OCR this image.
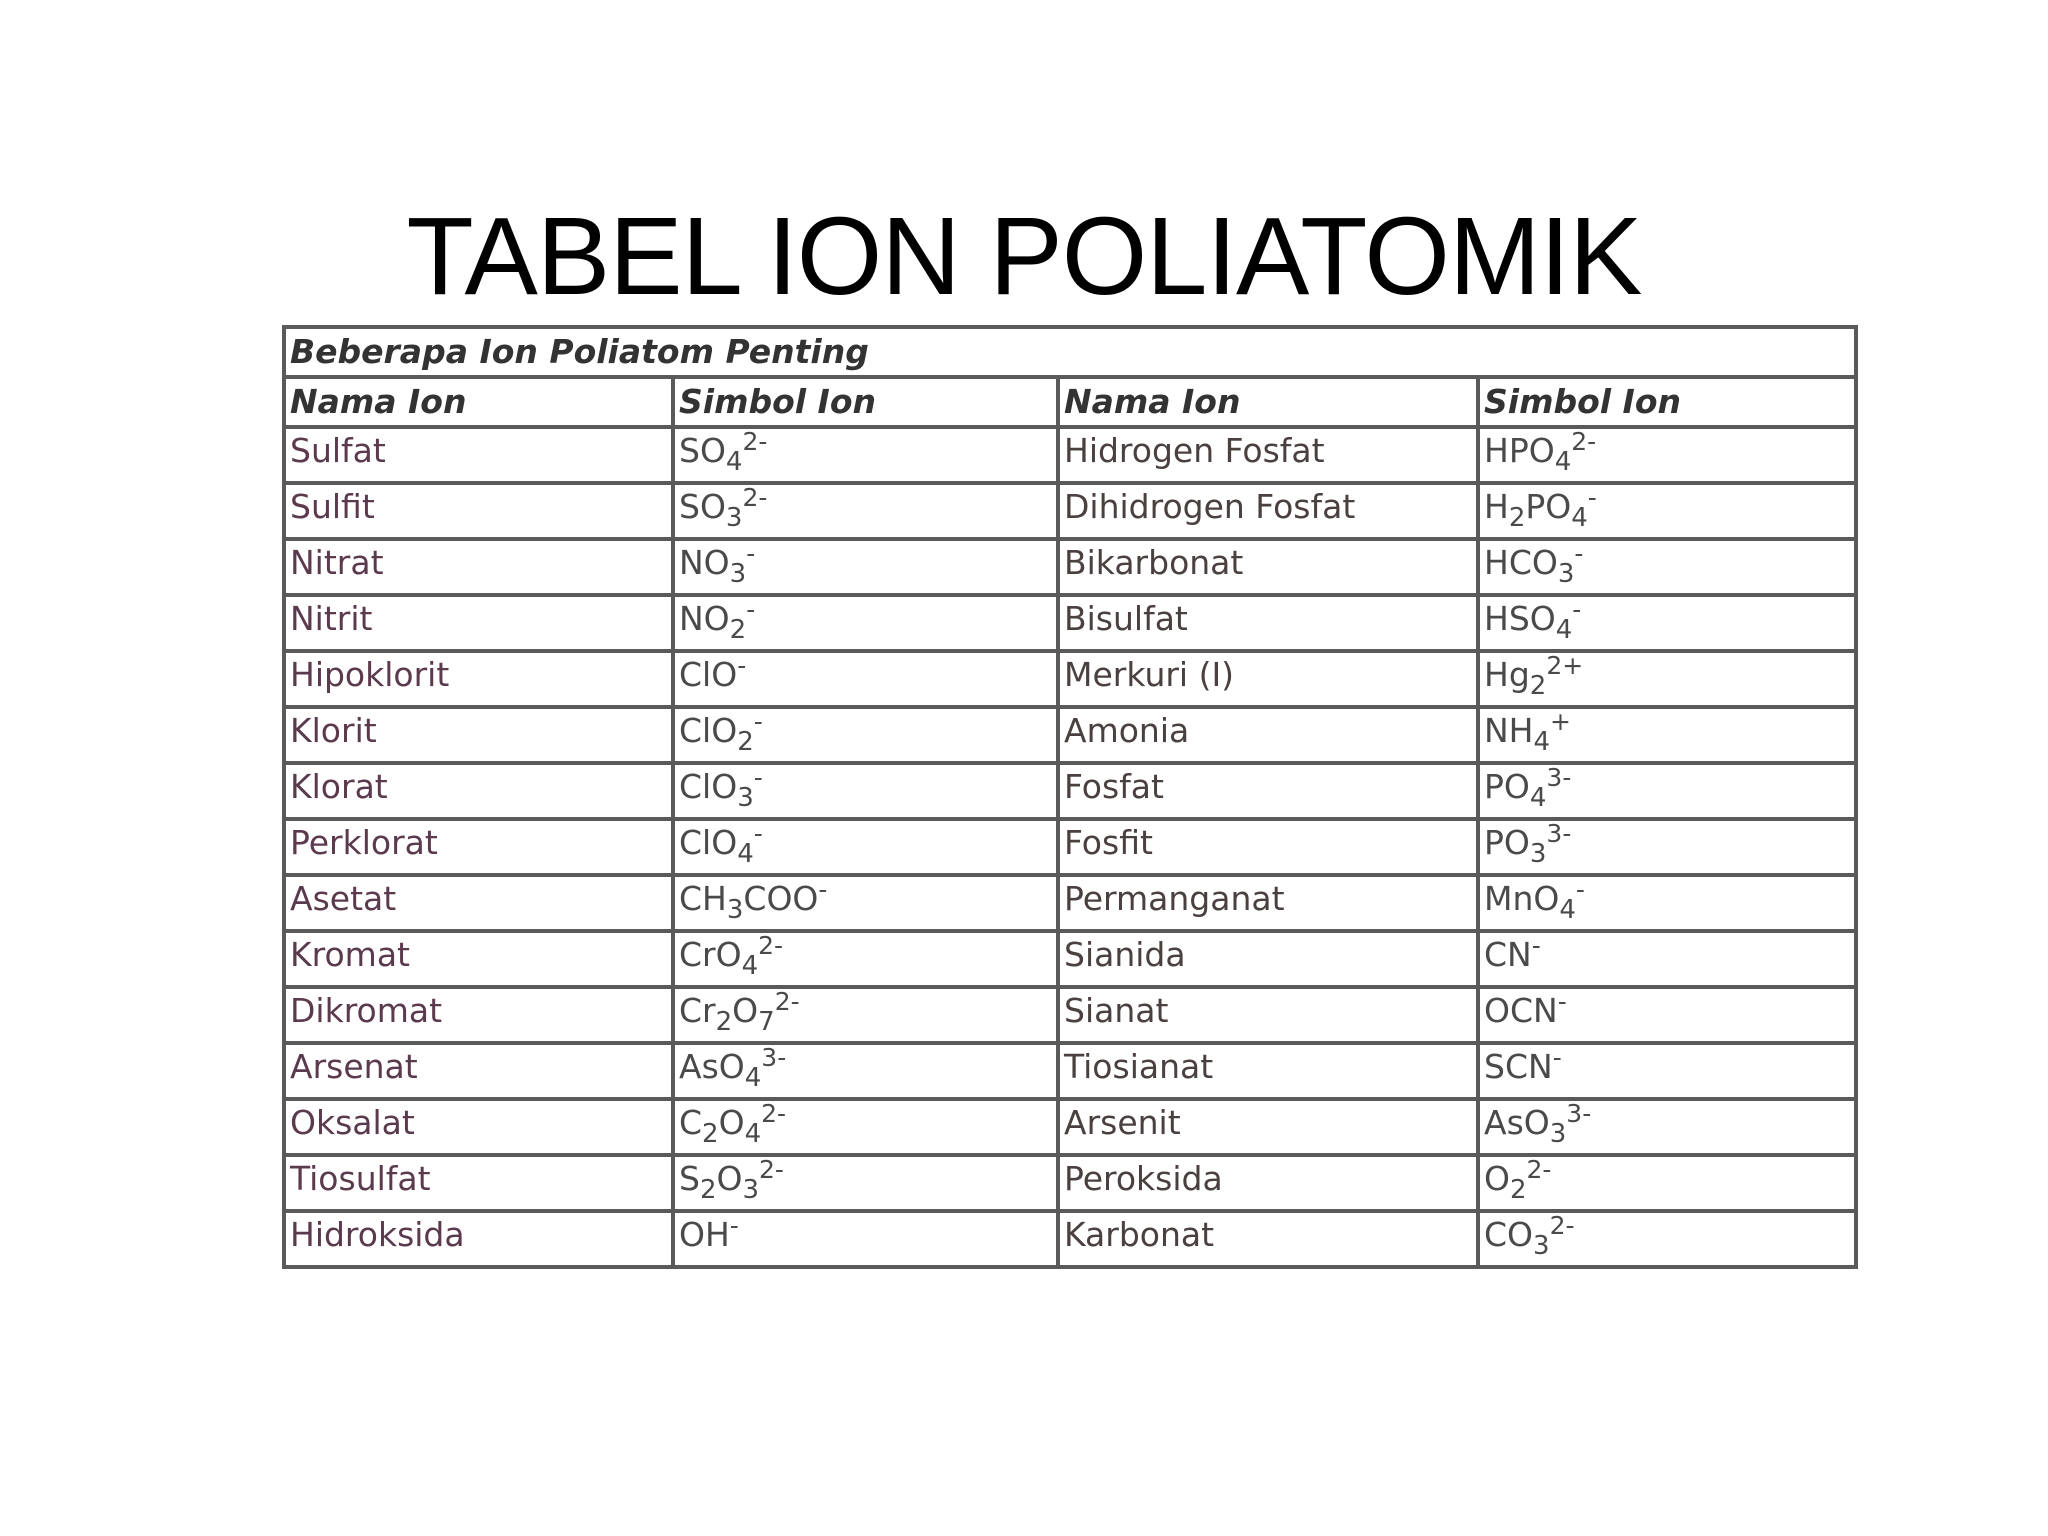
TABEL ION POLIATOMIK
Beberapa Ion Poliatom Penting			
Nama Ion	Simbol Ion	Nama Ion	Simbol Ion
Sulfat	$SO_4^{2-}$	Hidrogen Fosfat	$HPO_4^{2-}$
Sulfit	$SO_3^{2-}$	Dihidrogen Fosfat	$H_2PO_4^-$
Nitrat	$NO_3^-$	Bikarbonat	$HCO_3^-$
Nitrit	$NO_2^-$	Bisulfat	$HSO_4^-$
Hipoklorit	ClO-	Merkuri (I)	$Hg_2^{2+}$
Klorit	ClO$_2$-	Amonia	$NH_4^+$
Klorat	ClO$_3$-	Fosfat	$PO_4^{3-}$
Perklorat	ClO$_4$-	Fosfit	$PO_3^{3-}$
Asetat	$CH_3COO^-$	Permanganat	MnO$_4$-
Kromat	CrO$_4^{2-}$	Sianida	CN-
Dikromat	$Cr_2O_7^{2-}$	Sianat	OCN-
Arsenat	AsO$_4^{3-}$	Tiosianat	SCN-
Oksalat	$C_2O_4^{2-}$	Arsenit	AsO$_3^{3-}$
Tiosulfat	$S_2O_3^{2-}$	Peroksida	$O_2^{2-}$
Hidroksida	OH-	Karbonat	$CO_3^{2-}$
